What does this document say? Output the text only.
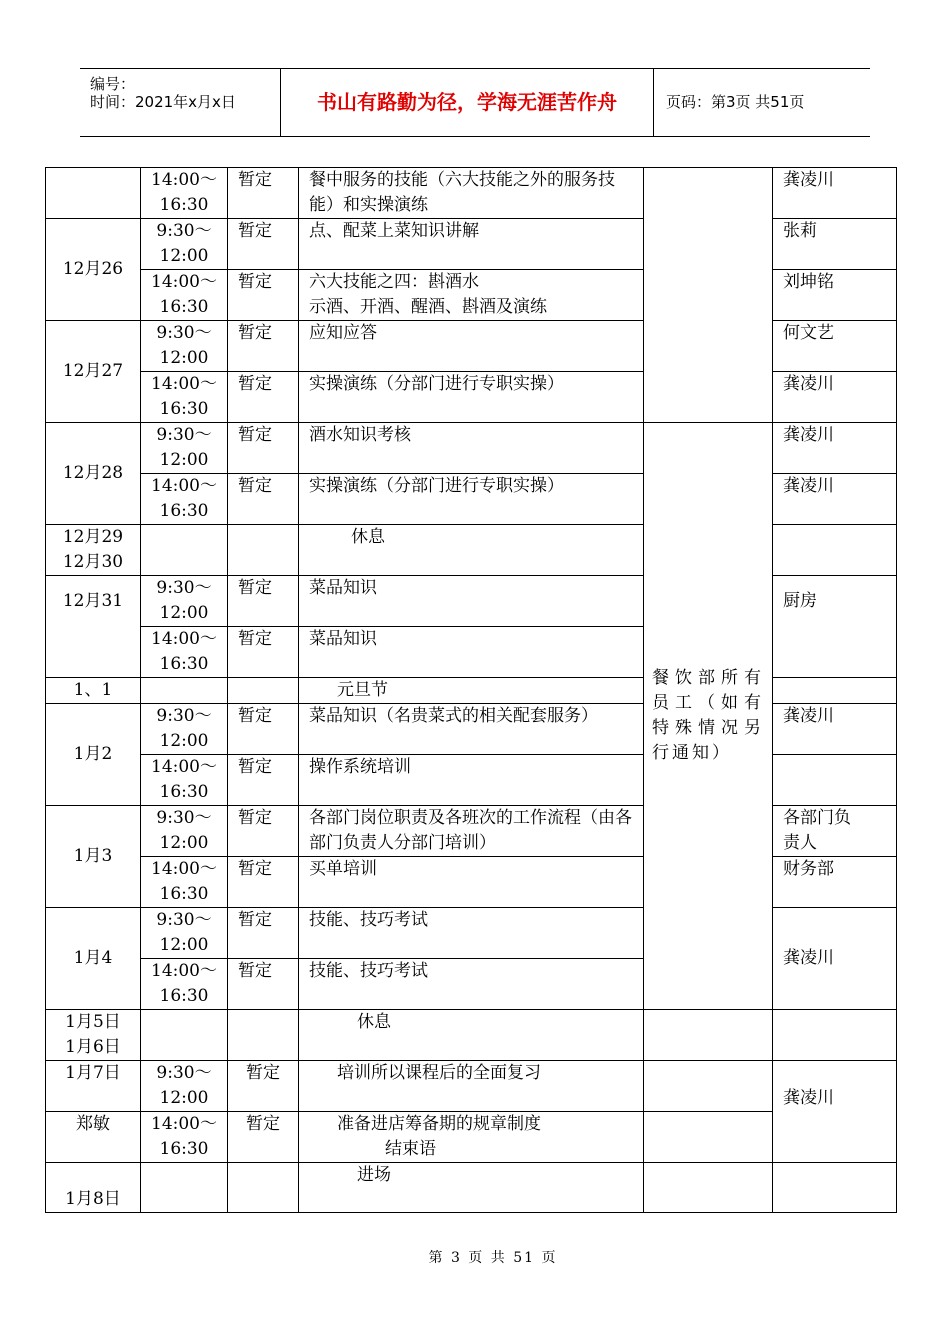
编号：
时间：2021年x月x日	书山有路勤为径，学海无涯苦作舟	页码：第3页 共51页
	14:00～
16:30	暂定	餐中服务的技能（六大技能之外的服务技能）和实操演练		龚凌川
12月26	9:30～
12:00	暂定	点、配菜上菜知识讲解		张莉
	14:00～
16:30	暂定	六大技能之四：斟酒水
示酒、开酒、醒酒、斟酒及演练		刘坤铭
12月27	9:30～
12:00	暂定	应知应答		何文艺
	14:00～
16:30	暂定	实操演练（分部门进行专职实操）		龚凌川
12月28	9:30～
12:00	暂定	酒水知识考核	餐饮部所有员工（如有特殊情况另行通知）	龚凌川
	14:00～
16:30	暂定	实操演练（分部门进行专职实操）		龚凌川

12月29
12月30			休息		
12月31	9:30～
12:00	暂定	菜品知识		厨房
	14:00～
16:30	暂定	菜品知识		
1、1			元旦节		
1月2	9:30～
12:00	暂定	菜品知识（名贵菜式的相关配套服务）		龚凌川
	14:00～
16:30	暂定	操作系统培训		
1月3	9:30～
12:00	暂定	各部门岗位职责及各班次的工作流程（由各部门负责人分部门培训）		各部门负责人
	14:00～
16:30	暂定	买单培训		财务部
1月4	9:30～
12:00	暂定	技能、技巧考试		龚凌川
	14:00～
16:30	暂定	技能、技巧考试		

1月5日
1月6日			休息		
1月7日	9:30～
12:00	暂定	培训所以课程后的全面复习		龚凌川
郑敏	14:00～
16:30	暂定	准备进店筹备期的规章制度
结束语		

1月8日			进场		
第 3 页 共 51 页
